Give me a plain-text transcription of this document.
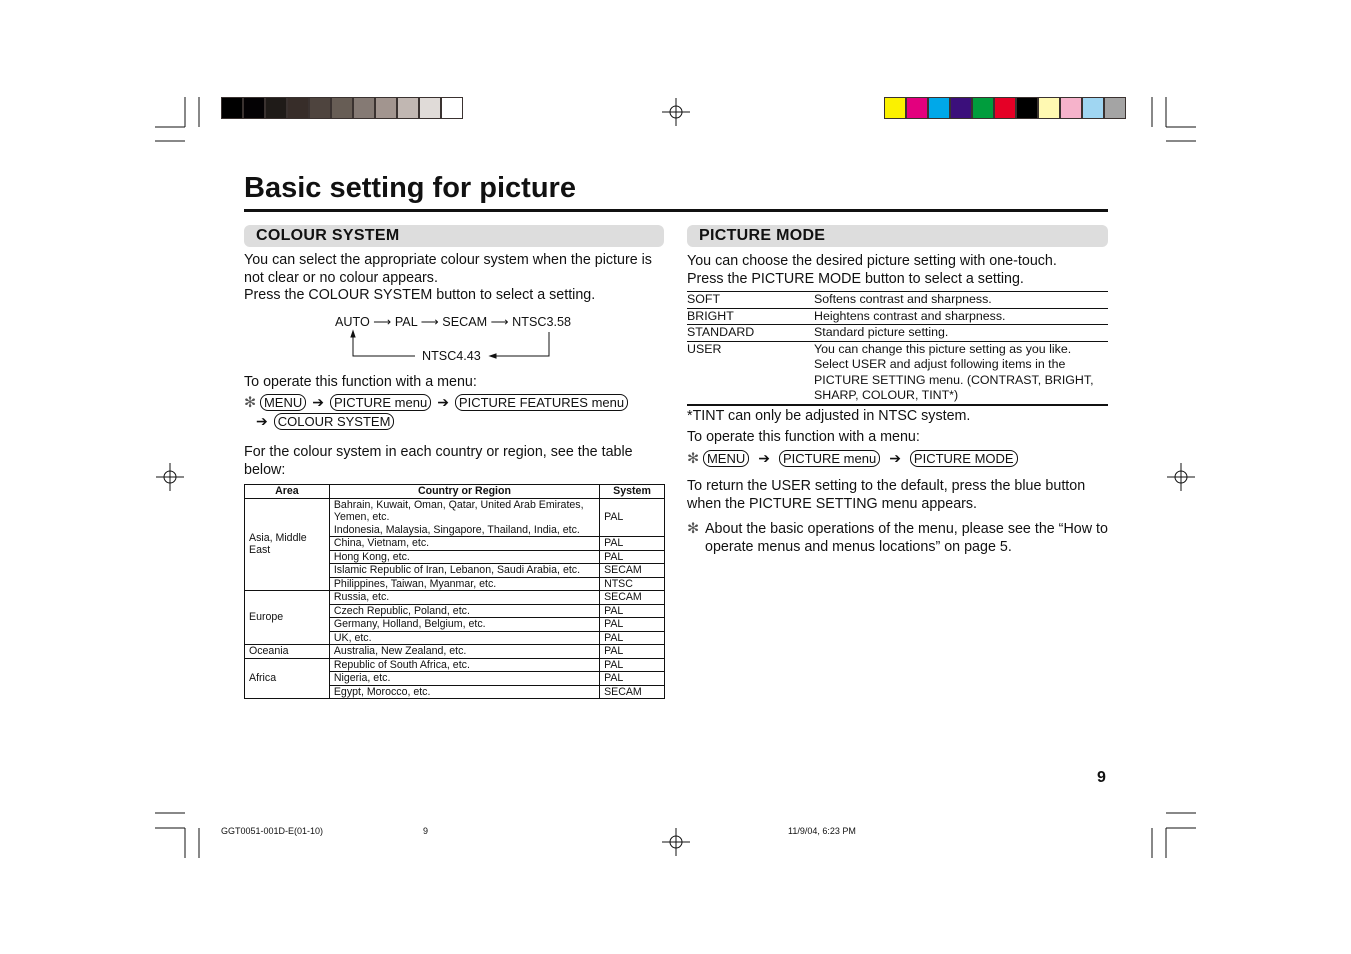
Basic setting for picture
COLOUR SYSTEM
You can select the appropriate colour system when the picture is not clear or no colour appears.
Press the COLOUR SYSTEM button to select a setting.
AUTO ⟶ PAL ⟶ SECAM ⟶ NTSC3.58
NTSC4.43
To operate this function with a menu:
✻ MENU ➔ PICTURE menu ➔ PICTURE FEATURES menu
➔ COLOUR SYSTEM
For the colour system in each country or region, see the table below:
Area	Country or Region	System
Asia, Middle East	Bahrain, Kuwait, Oman, Qatar, United Arab Emirates, Yemen, etc.
Indonesia, Malaysia, Singapore, Thailand, India, etc.	PAL

	China, Vietnam, etc.	PAL

	Hong Kong, etc.	PAL

	Islamic Republic of Iran, Lebanon, Saudi Arabia, etc.	SECAM

	Philippines, Taiwan, Myanmar, etc.	NTSC
Europe	Russia, etc.	SECAM

	Czech Republic, Poland, etc.	PAL

	Germany, Holland, Belgium, etc.	PAL

	UK, etc.	PAL
Oceania	Australia, New Zealand, etc.	PAL
Africa	Republic of South Africa, etc.	PAL

	Nigeria, etc.	PAL

	Egypt, Morocco, etc.	SECAM
PICTURE MODE
You can choose the desired picture setting with one-touch.
Press the PICTURE MODE button to select a setting.
SOFT	Softens contrast and sharpness.
BRIGHT	Heightens contrast and sharpness.
STANDARD	Standard picture setting.
USER	You can change this picture setting as you like. Select USER and adjust following items in the PICTURE SETTING menu. (CONTRAST, BRIGHT, SHARP, COLOUR, TINT*)
*TINT can only be adjusted in NTSC system.
To operate this function with a menu:
✻ MENU ➔ PICTURE menu ➔ PICTURE MODE
To return the USER setting to the default, press the blue button when the PICTURE SETTING menu appears.
✻ About the basic operations of the menu, please see the “How to operate menus and menus locations” on page 5.
9
GGT0051-001D-E(01-10)	9	11/9/04, 6:23 PM
